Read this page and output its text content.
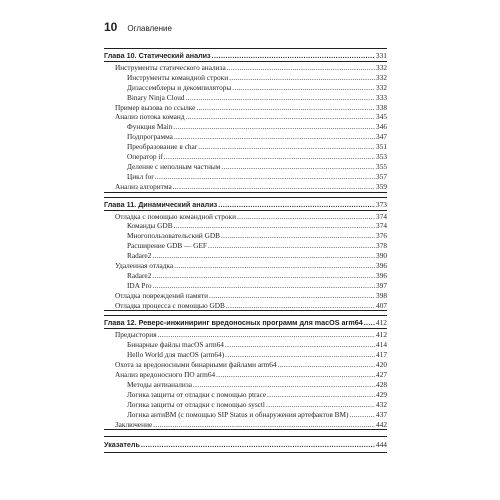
10 Оглавление
Глава 10. Статический анализ .....	331
Инструменты статического анализа .....	332
Инструменты командной строки .....	332
Дизассемблеры и декомпиляторы .....	332
Binary Ninja Cloud .....	333
Пример вызова по ссылке .....	338
Анализ потока команд .....	345
Функция Main .....	346
Подпрограмма .....	347
Преобразование в char .....	351
Оператор if .....	353
Деление с неполным частным .....	355
Цикл for .....	357
Анализ алгоритма .....	359
Глава 11. Динамический анализ .....	373
Отладка с помощью командной строки .....	374
Команды GDB .....	374
Многопользовательский GDB .....	376
Расширение GDB — GEF .....	378
Radare2 .....	390
Удаленная отладка .....	396
Radare2 .....	396
IDA Pro .....	397
Отладка повреждений памяти .....	398
Отладка процесса с помощью GDB .....	407
Глава 12. Реверс-инжиниринг вредоносных программ для macOS arm64 ..... 412
Предыстория .....	412
Бинарные файлы macOS arm64 .....	414
Hello World для macOS (arm64) .....	417
Охота за вредоносными бинарными файлами arm64 .....	420
Анализ вредоносного ПО arm64 .....	427
Методы антианализа .....	428
Логика защиты от отладки с помощью ptrace .....	429
Логика защиты от отладки с помощью sysctl .....	432
Логика антиВМ (с помощью SIP Status и обнаружения артефактов ВМ) .....	437
Заключение .....	442
Указатель .....	444
